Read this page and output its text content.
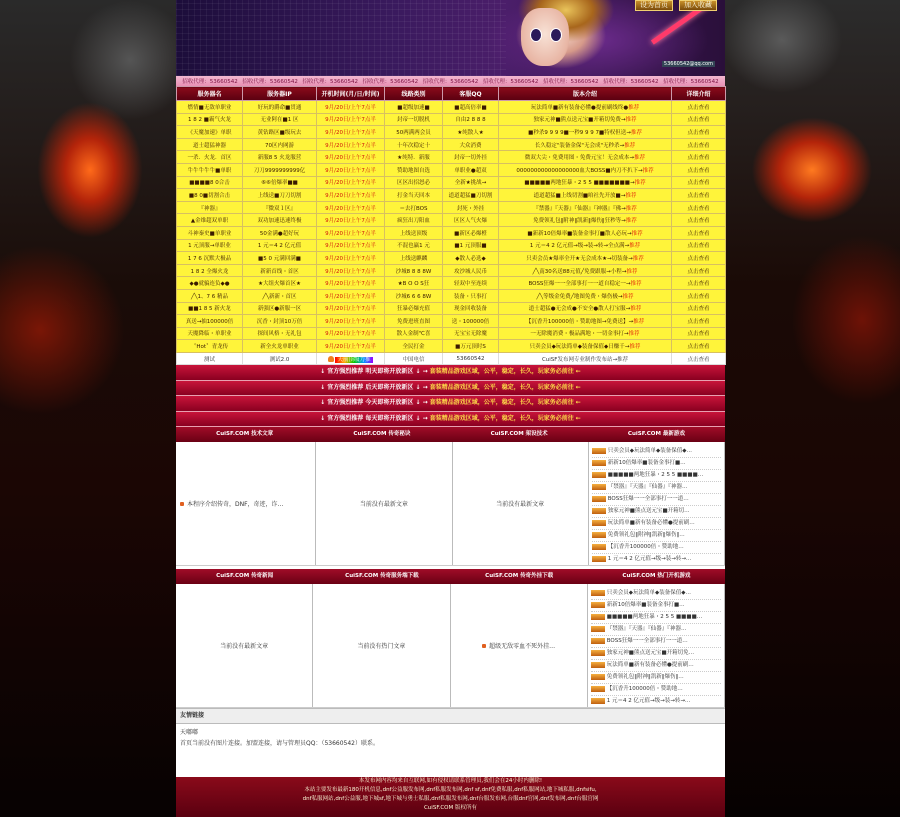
设为首页	加入收藏
53660542@qq.com
招收代理：53660542 招收代理：53660542 招收代理：53660542 招收代理：53660542 招收代理：53660542 招收代理：53660542 招收代理：53660542 招收代理：53660542 招收代理：53660542
服务器名	服务器IP	开机时间(月/日/时间)	线路类别	客服QQ	版本介绍	详细介绍
燃情■无敌单职业	好玩的爵命■贯通	9月/20日/上午7点半	■超级加速■	■超高倍率■	玩法简单■新有装备必懂●提前刷线终●推荐	点击查看
1 8 2 ■霸气火龙	无业阿在■1 区	9月/20日/上午7点半	封帝一切脱机	自由2 8 8 8	独家元神■熊点送元宝■开箱切免费→推荐	点击查看
《天魔加速》单职	黄钻路区■级玩去	9月/20日/上午7点半	50两满两会员	★纯散人★	■秒杀9 9 9 9■一秒9 9 9 7■特权但送→推荐	点击查看
道士超猛神器	70区内网游	9月/20日/上午7点半	十年次稳定十	大众消费	长久稳定"装备金保"无会成"无秒杀→推荐	点击查看
一杀．火龙．首区	新服8 5 火龙服营	9月/20日/上午7点半	★纯特．新服	封帝一切外挂	微双大尖・免费用图・免费元宝！无会成本→推荐	点击查看
牛牛牛牛牛■单职	刀刀9999999999亿	9月/20日/上午7点半	赞助地图自选	单职业●超双	000000000000000000血大BOSS■内刀不扒下→推荐	点击查看
■■■■8 0合击	⑥⑥倍爆率■■	9月/20日/上午7点半	区区出招怒必	全新★挑战→	■■■■■两地狂暴・2 5 5 ■■■■■■■→推荐	点击查看
■8 0■切割合击	上线送■刀刀切割	9月/20日/上午7点半	打金当天回本	道道超猛■刀切割	道道超猛■上线切割■咱社先开放■→推荐	点击查看
『神器』	『微双１区』	9月/20日/上午7点半	＝去打BOS	封死・外挂	『禁器』『天器』『仙器』『神器』『佛→推荐	点击查看
▲金维超双单职	双功加速迅速终极	9月/20日/上午7点半	疯狂出刀阳血	区区人气火爆	免费领礼包‖附神‖凯新‖爆伤‖狂秒等→推荐	点击查看
斗神秦史■单职业	50金满●超好玩	9月/20日/上午7点半	上线送顶级	■新区必爆橙	■新新10倍爆率■装备金事打■散人必玩→推荐	点击查看
1 元顶服→单职业	1 元＝4 2 亿元值	9月/20日/上午7点半	不混也赢1 元	■1 元顶服■	1 元＝4 2 亿元值→级→装→转→全点满→推荐	点击查看
1 7 6 沉默大极品	■5 0 元满回满■	9月/20日/上午7点半	上线送麒麟	◆散人必选◆	只卖会员★爆率全开★无会成本★→切装备→推荐	点击查看
1 8 2 全爆火龙	新新首线・首区	9月/20日/上午7点半	沙城8 8 8 8W	攻沙城人民币	╱╲南30名送88元值╱免费跟服→小程→推荐	点击查看
◆●就骗连负◆●	★大组火爆首区★	9月/20日/上午7点半	★B O O S狂	轻双中至连续	BOSS狂爆一一全部事打一一道自稳定一→推荐	点击查看
╱╲1、7 6 精品	╱╲新新・首区	9月/20日/上午7点半	沙城6 6 6 8W	装备・只事打	╱╲等级金免费╱地图免费・爆伤极→推荐	点击查看
■■1 8 5 新火龙	新强区●新服一区	9月/20日/上午7点半	狂暴必爆充值	现金回收装备	道士超猛●无会成●不安全●散人打宝服→推荐	点击查看
真送→抽100000倍	沉香・封顶10万倍	9月/20日/上午7点半	免费进班直图	送・100000倍	【沉香升100000倍・赞助地图→免费送】→推荐	点击查看
天魔降临・单职业	探间风格・无礼包	9月/20日/上午7点半	散人金制℃喜	无宝宝无除魔	一无除魔消费・极品满地・一切金事打→推荐	点击查看
〝Hot〞青龙传	新全火龙单职业	9月/20日/上午7点半	全民打金	■万元顶时S	只卖会员◆玩法简单◆装备保值◆日赚千→推荐	点击查看
测试	测试2.0	天前顶级力推	中国电信	53660542	CuiSF发布网专业制作发布站→推荐	点击查看
↓ 官方强烈推荐 明天即将开放新区 ↓ → 套装精品游戏区域，公平，稳定，长久，玩家务必前往 ←
↓ 官方强烈推荐 后天即将开放新区 ↓ → 套装精品游戏区域，公平，稳定，长久，玩家务必前往 ←
↓ 官方强烈推荐 今天即将开放新区 ↓ → 套装精品游戏区域，公平，稳定，长久，玩家务必前往 ←
↓ 官方强烈推荐 每天即将开放新区 ↓ → 套装精品游戏区域，公平，稳定，长久，玩家务必前往 ←
CuiSF.COM 技术文章	CuiSF.COM 传奇秘诀	CuiSF.COM 架设技术	CuiSF.COM 最新游戏
本程序介绍传奇，DNF，奇迹，诈…	当前没有最新文章	当前没有最新文章
只卖会员◆玩法简单◆装备保值◆…
新新10倍爆率■装备金事打■…
■■■■■两地狂暴・2 5 5 ■■■■…
『禁器』『天器』『仙器』『神器…
BOSS狂爆一一全部事打一一道…
独家元神■熊点送元宝■开箱切…
玩法简单■新有装备必懂●提前刷…
免费领礼包‖附神‖凯新‖爆伤‖…
【沉香升100000倍・赞助地…
1 元＝4 2 亿元值→级→装→转→…
CuiSF.COM 传奇新闻	CuiSF.COM 传奇服务端下载	CuiSF.COM 传奇外挂下载	CuiSF.COM 热门开机游戏
当前没有最新文章	当前没有热门文章	超级无敌零血不死外挂…
只卖会员◆玩法简单◆装备保值◆…
新新10倍爆率■装备金事打■…
■■■■■两地狂暴・2 5 5 ■■■■…
『禁器』『天器』『仙器』『神器…
BOSS狂爆一一全部事打一一道…
独家元神■熊点送元宝■开箱切免…
玩法简单■新有装备必懂●提前刷…
免费领礼包‖附神‖凯新‖爆伤‖…
【沉香升100000倍・赞助地…
1 元＝4 2 亿元值→级→装→转→…
友情链接
天嘟嘟
首页当前没有图片连接。加盟连接，请与管理员QQ：（53660542）联系。
本发布网内容均来自互联网,如有侵权请联系管理员,我们会在24小时内删除!
本站主要发布最新180开机信息,dnf公益服发布网,dnf私服发布网,dnf sf,dnf免费私服,dnf私服网站,地下城私服,dnfsifu,
dnf私服网站,dnf公益服,地下城sf,地下城与勇士私服,dnf私服发布网,dnf台服发布网,台服dnf官网,dnf发布网,dnf台服官网
CuiSF.COM 版权所有
